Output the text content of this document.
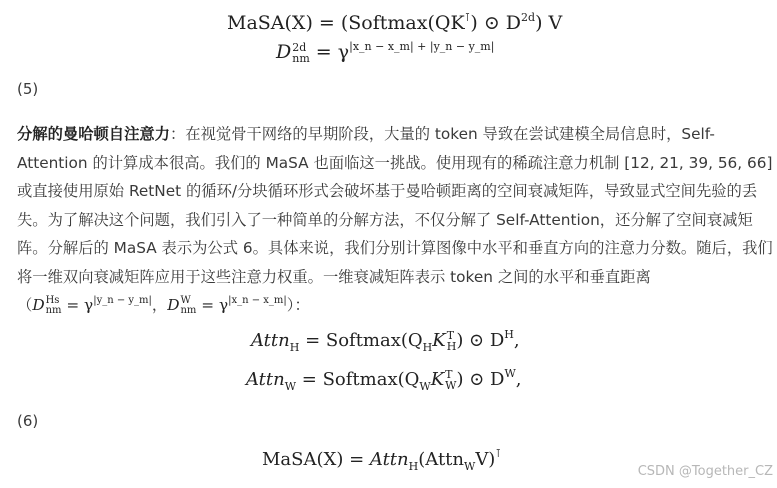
MaSA(X) = (Softmax(QK⊺) ⊙ $D^{2d}$) V
D 2d
nm = $\gamma^{|x\_n - x\_m| + |y\_n - y\_m|}$
(5)

分解的曼哈顿自注意力：在视觉骨干网络的早期阶段，大量的 token 导致在尝试建模全局信息时，Self-Attention 的计算成本很高。我们的 MaSA 也面临这一挑战。使用现有的稀疏注意力机制 [12, 21, 39, 56, 66] 或直接使用原始 RetNet 的循环/分块循环形式会破坏基于曼哈顿距离的空间衰减矩阵，导致显式空间先验的丢失。为了解决这个问题，我们引入了一种简单的分解方法，不仅分解了 Self-Attention，还分解了空间衰减矩阵。分解后的 MaSA 表示为公式 6。具体来说，我们分别计算图像中水平和垂直方向的注意力分数。随后，我们将一维双向衰减矩阵应用于这些注意力权重。一维衰减矩阵表示 token 之间的水平和垂直距离（D Hs
nm = $\gamma^{|y\_n - y\_m|}$，D W
nm = $\gamma^{|x\_n - x\_m|}$）：

Attn$_H$ = $Softmax(Q_HK$ T
H ) ⊙ $D^H$,
Attn$_W$ = $Softmax(Q_WK$ T
W ) ⊙ $D^W$,
(6)
MaSA(X) = Attn$_H$(Attn$_W$V)⊺
CSDN @Together_CZ
